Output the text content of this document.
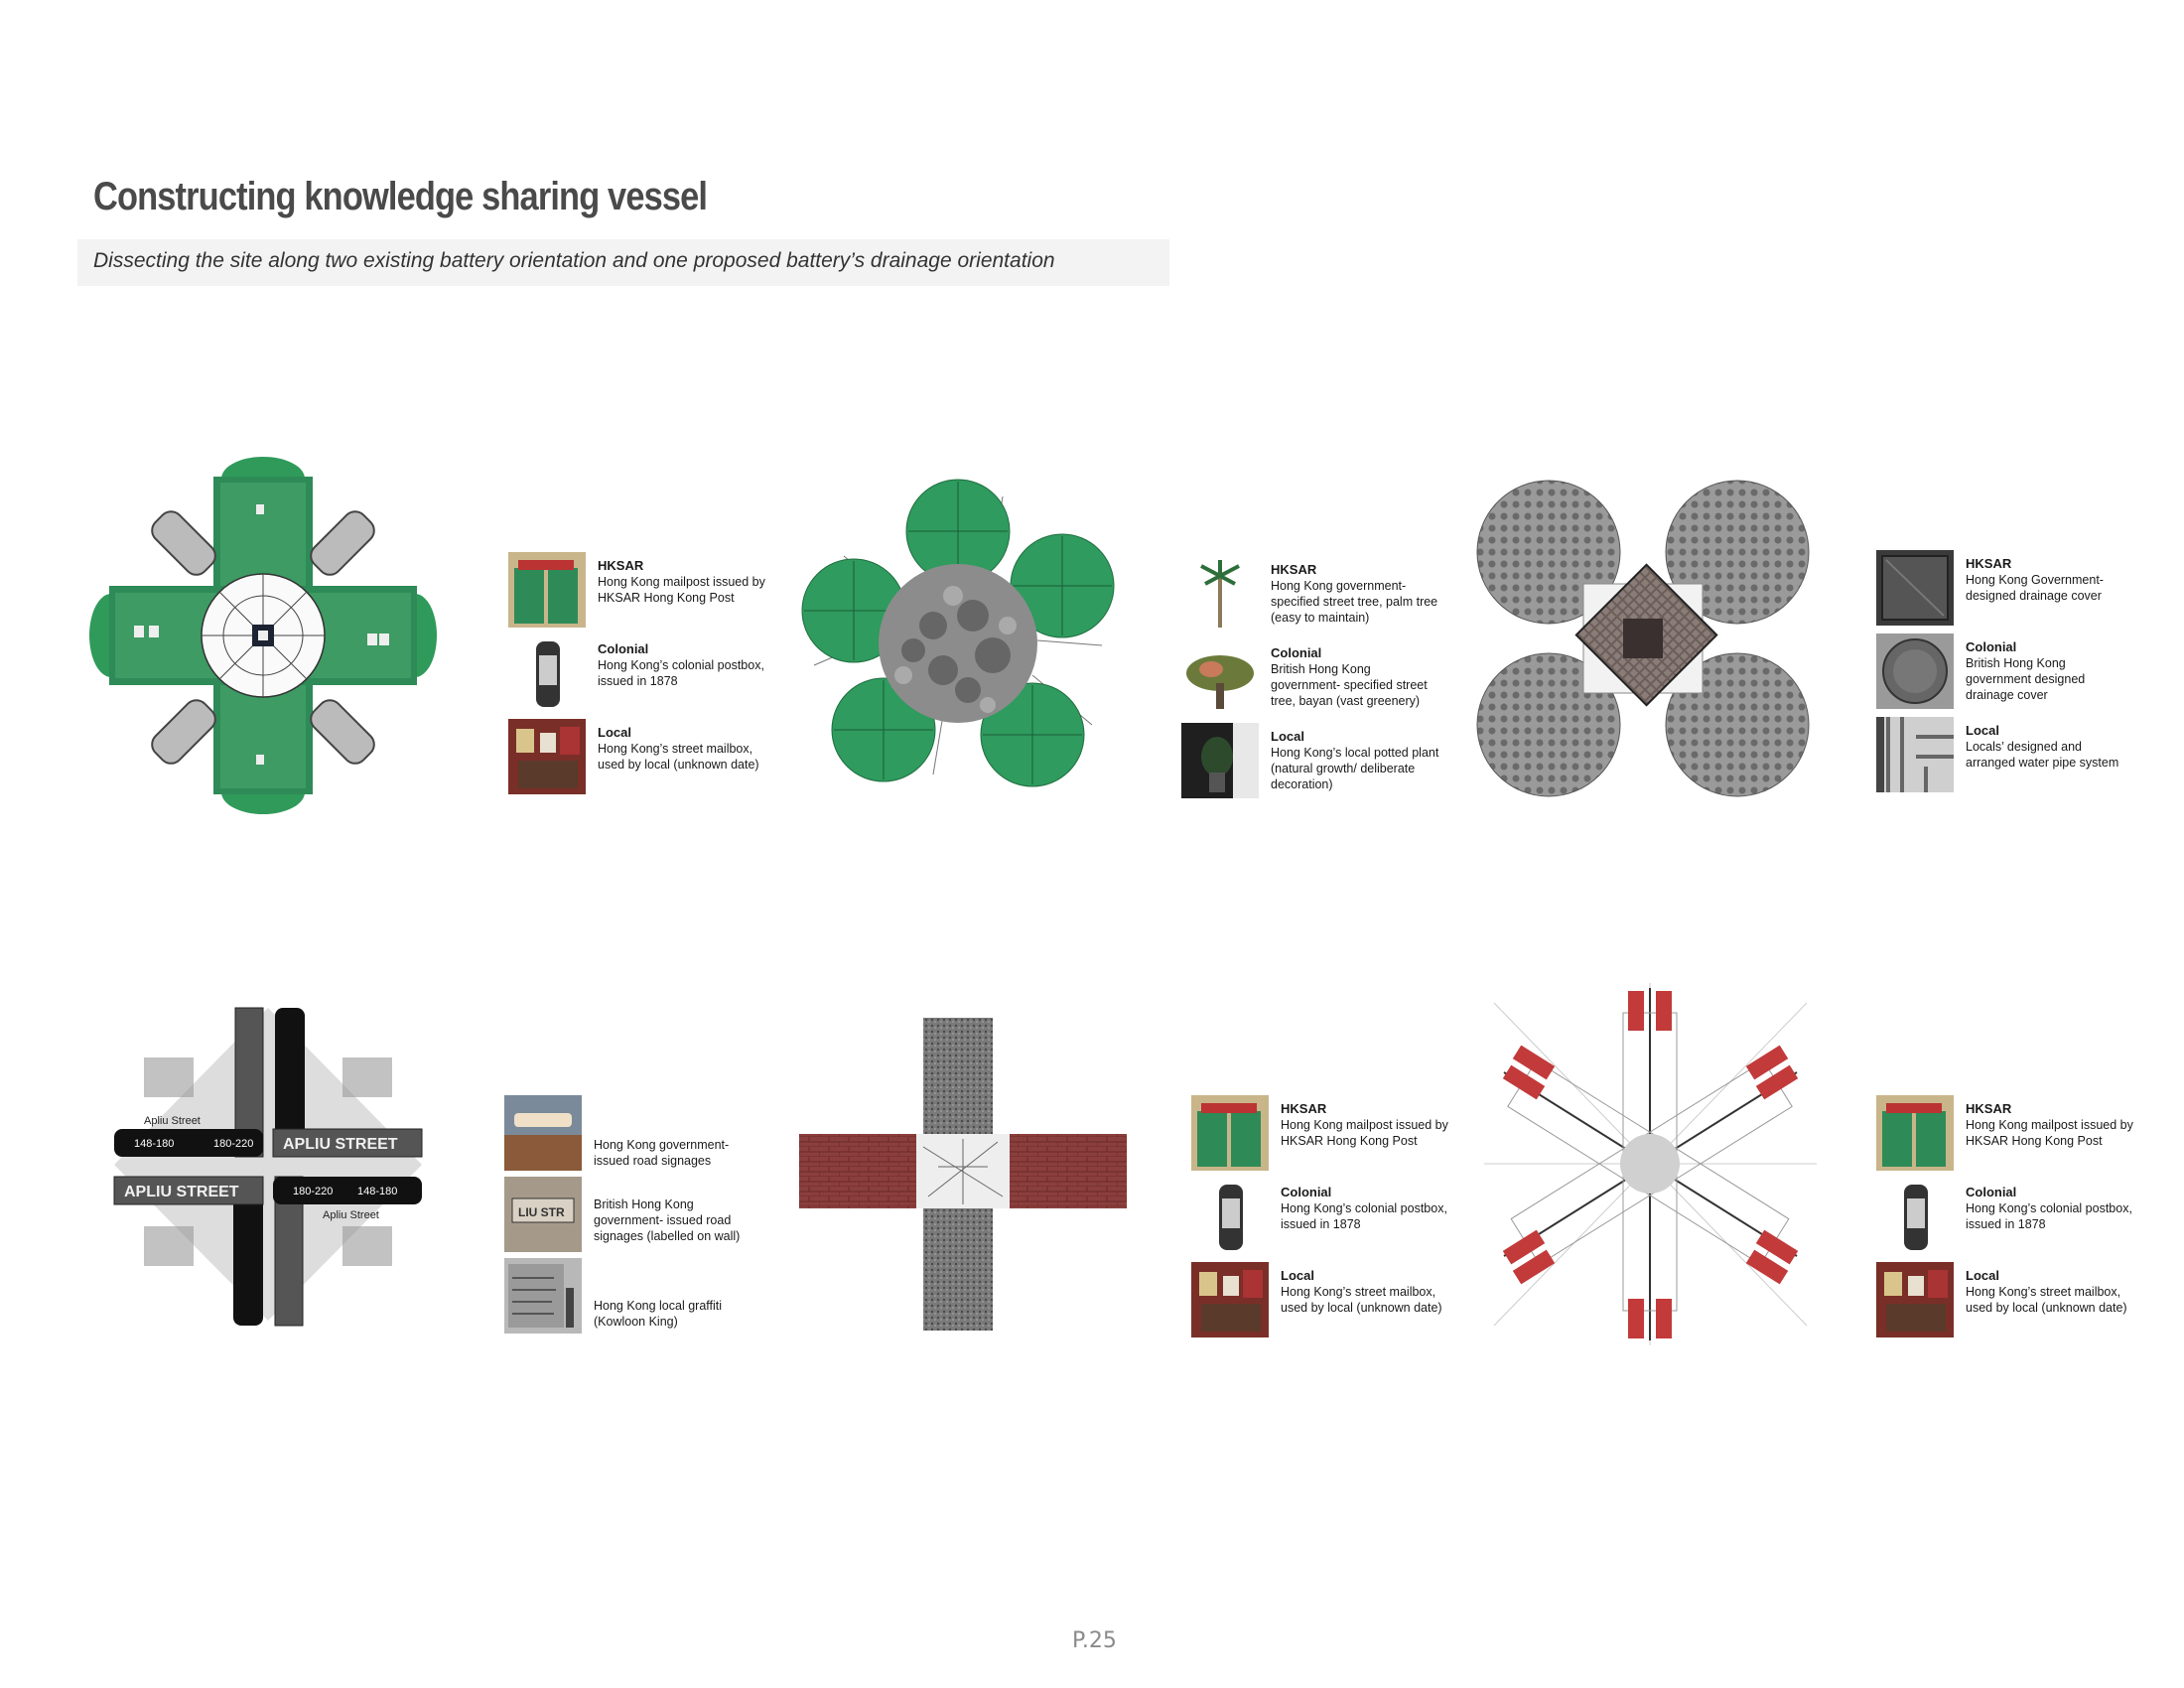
Constructing knowledge sharing vessel
Dissecting the site along two existing battery orientation and one proposed battery’s drainage orientation
HKSAR
Hong Kong mailpost issued by HKSAR Hong Kong Post
Colonial
Hong Kong’s colonial postbox, issued in 1878
Local
Hong Kong’s street mailbox, used by local (unknown date)
HKSAR
Hong Kong government-specified street tree, palm tree (easy to maintain)
Colonial
British Hong Kong government- specified street tree, bayan (vast greenery)
Local
Hong Kong’s local potted plant (natural growth/ deliberate decoration)
HKSAR
Hong Kong Government-designed drainage cover
Colonial
British Hong Kong government designed drainage cover
Local
Locals’ designed and arranged water pipe system
148-180	180-220
148-180
180-220
APLIU STREET
APLIU STREET
Apliu Street
Apliu Street
Hong Kong government-issued road signages
LIU STR
British Hong Kong government- issued road signages (labelled on wall)
Hong Kong local graffiti (Kowloon King)
HKSAR
Hong Kong mailpost issued by HKSAR Hong Kong Post
Colonial
Hong Kong’s colonial postbox, issued in 1878
Local
Hong Kong’s street mailbox, used by local (unknown date)
HKSAR
Hong Kong mailpost issued by HKSAR Hong Kong Post
Colonial
Hong Kong’s colonial postbox, issued in 1878
Local
Hong Kong’s street mailbox, used by local (unknown date)
P.25
